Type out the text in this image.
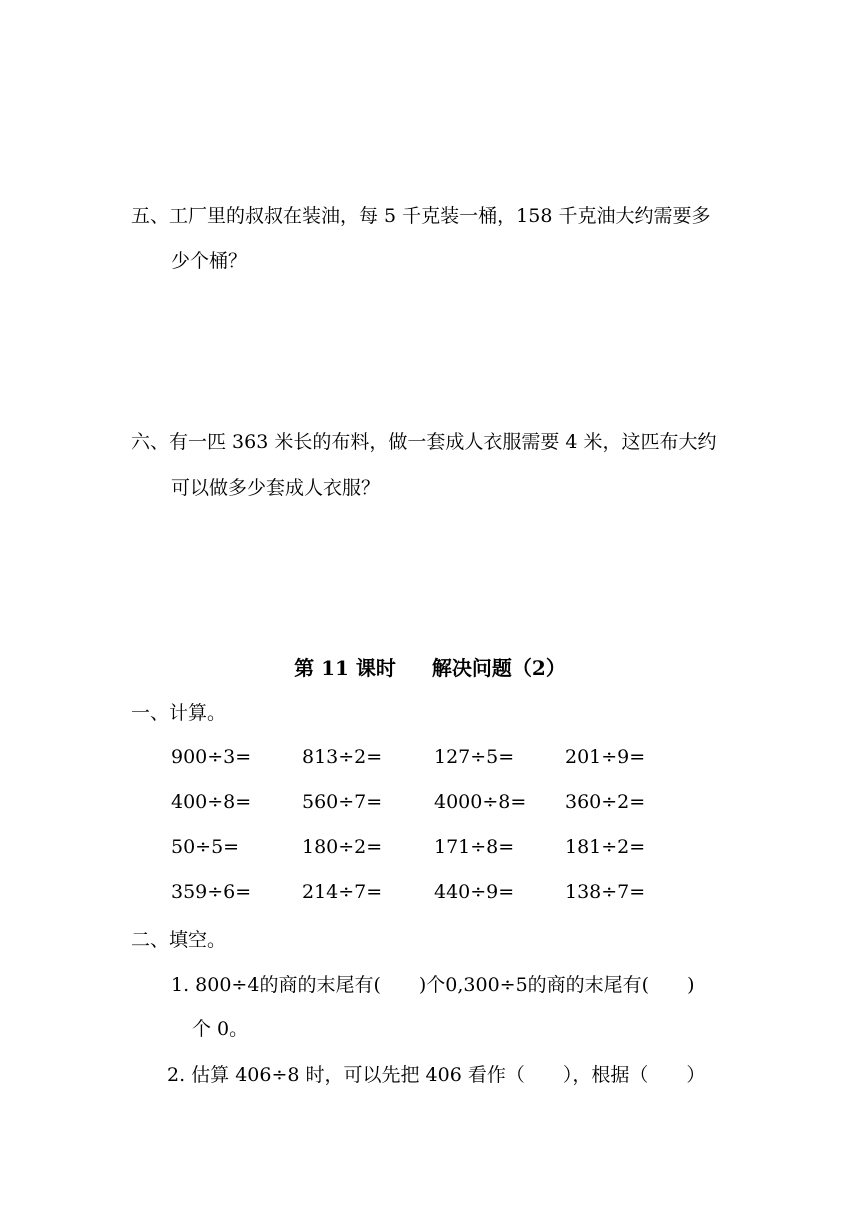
五、工厂里的叔叔在装油，每 5 千克装一桶，158 千克油大约需要多
少个桶？
六、有一匹 363 米长的布料，做一套成人衣服需要 4 米，这匹布大约
可以做多少套成人衣服？
第 11 课时 解决问题（2）
一、计算。
900÷3=	813÷2=	127÷5=	201÷9=
400÷8=	560÷7=	4000÷8= 360÷2=
50÷5=	180÷2=	171÷8=	181÷2=
359÷6=	214÷7=	440÷9=	138÷7=
二、填空。
1. 800÷4的商的末尾有(　　)个0,300÷5的商的末尾有(　　)
个 0。
2. 估算 406÷8 时，可以先把 406 看作（　　），根据（　　）
